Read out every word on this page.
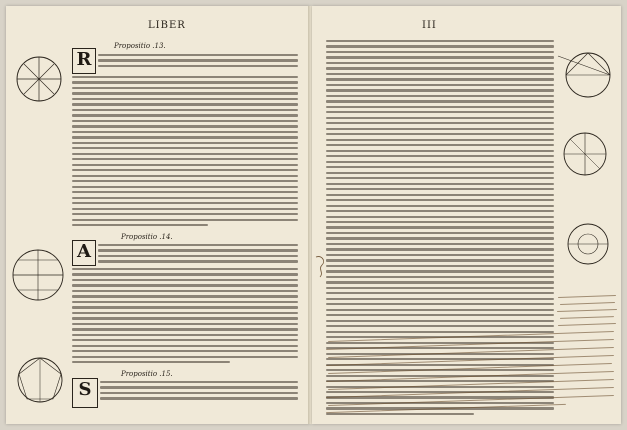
LIBER
Propositio .13.
R
Propositio .14.
A
Propositio .15.
S
III
